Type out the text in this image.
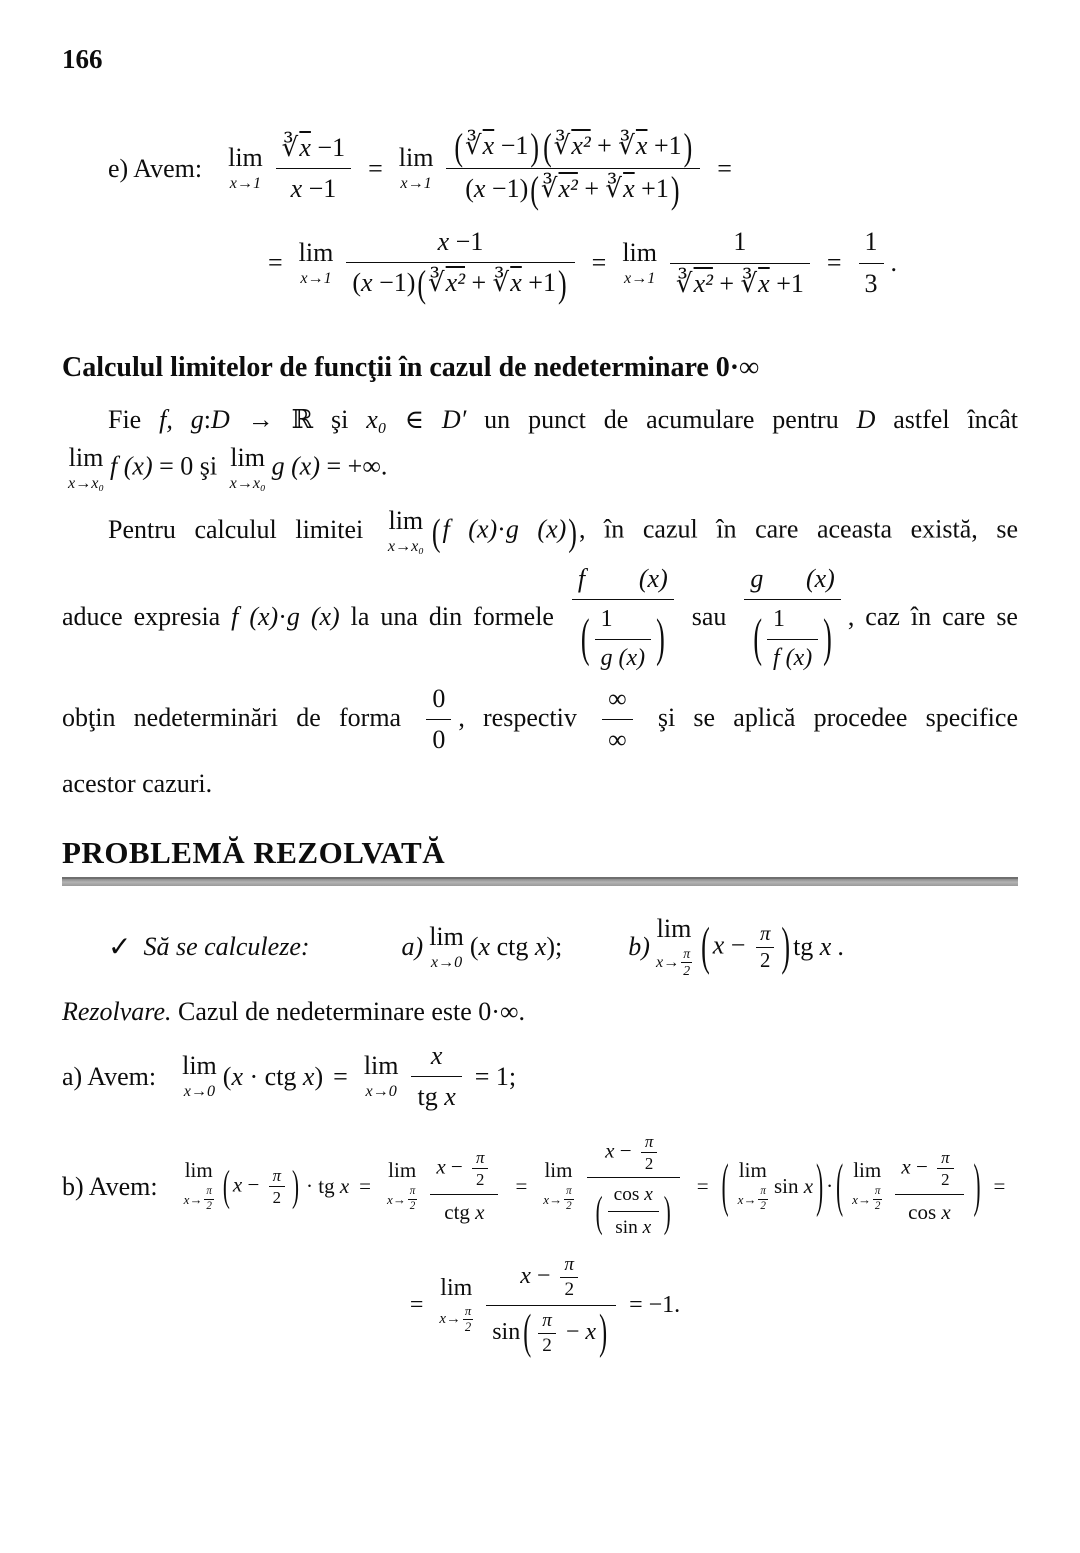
166
e) Avem: lim
$x\to 1 \frac{∛\overline{x} -1}{x -1} = \lim$
$x\to 1 \frac{(∛\overline{x} -1) (∛x^2 + ∛\overline{x} +1)}{(x -1)(∛x^2 + ∛\overline{x} +1)}$ =
= lim
$x\to 1 \frac{x -1}{(x -1)(∛x^2 + ∛\overline{x} +1)} = \lim$
$x\to 1 \frac{1}{∛x^2 + ∛\overline{x} +1} = \frac{1}{3}$ .
Calculul limitelor de funcţii în cazul de nedeterminare 0·∞
Fie f, g:D → ℝ şi x₀ ∈ D′ un punct de acumulare pentru D astfel încât
lim
x→x₀
f (x) = 0 şi lim
x→x₀
g (x) = +∞.
Pentru calculul limitei lim
x→x₀ (f (x)·g (x)), în cazul în care aceasta există, se
aduce expresia f (x)·g (x) la una din formele $\frac{f (x)}{( \frac{1}{g (x)} )}$ sau $\frac{g (x)}{( \frac{1}{f (x)} )}$ , caz în care se
obţin nedeterminări de forma $\frac{0}{0}$ , respectiv $\frac{\infty}{\infty}$ şi se aplică procedee specifice
acestor cazuri.
PROBLEMĂ REZOLVATĂ
✓ Să se calculeze:	a) lim
x→0
(x ctg x);	b)
lim
x→
π
2 ( $x - \frac{\pi}{2}$ ) tg x .
Rezolvare. Cazul de nedeterminare este 0·∞.
a) Avem: lim
x→0
(x · ctg x) = lim
$x\to 0 \frac{x}{\text{tg x}} = 1$;
b) Avem:
lim
x→
π
2 ( $x - \frac{\pi}{2}$ ) · tg x =
lim
x→
π
$2 \frac{x - \frac{\pi}{2}}{\text{ctg x}}$ =
lim
x→
π
$2 \frac{x - \frac{\pi}{2}}{( \frac{\text{cos x}}{\text{sin x}} )}$ = ( lim
x→
π
2
sin x ) · ( lim
x→
π
$2 \frac{x - \frac{\pi}{2}}{\text{cos x}}$ ) =
=
lim
x→
π
$2 \frac{x - \frac{\pi}{2}}{\sin ( \frac{\pi}{2} - x )} = -1$.
